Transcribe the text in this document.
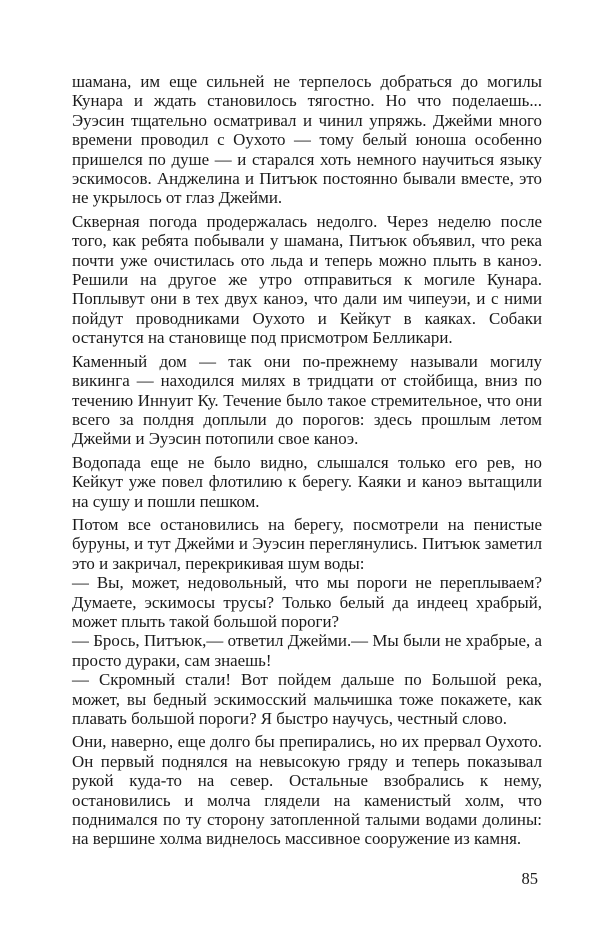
шамана, им еще сильней не терпелось добраться до могилы Кунара и ждать становилось тягостно. Но что поделаешь... Эуэсин тщательно осматривал и чинил упряжь. Джейми много времени проводил с Оухото — тому белый юноша особенно пришелся по душе — и старался хоть немного научиться языку эскимосов. Анджелина и Питъюк постоянно бывали вместе, это не укрылось от глаз Джейми.

Скверная погода продержалась недолго. Через неделю после того, как ребята побывали у шамана, Питъюк объявил, что река почти уже очистилась ото льда и теперь можно плыть в каноэ. Решили на другое же утро отправиться к могиле Кунара. Поплывут они в тех двух каноэ, что дали им чипеуэи, и с ними пойдут проводниками Оухото и Кейкут в каяках. Собаки останутся на становище под присмотром Белликари.

Каменный дом — так они по-прежнему называли могилу викинга — находился милях в тридцати от стойбища, вниз по течению Иннуит Ку. Течение было такое стремительное, что они всего за полдня доплыли до порогов: здесь прошлым летом Джейми и Эуэсин потопили свое каноэ.

Водопада еще не было видно, слышался только его рев, но Кейкут уже повел флотилию к берегу. Каяки и каноэ вытащили на сушу и пошли пешком.

Потом все остановились на берегу, посмотрели на пенистые буруны, и тут Джейми и Эуэсин переглянулись. Питъюк заметил это и закричал, перекрикивая шум воды:

— Вы, может, недовольный, что мы пороги не переплываем? Думаете, эскимосы трусы? Только белый да индеец храбрый, может плыть такой большой пороги?

— Брось, Питъюк,— ответил Джейми.— Мы были не храбрые, а просто дураки, сам знаешь!

— Скромный стали! Вот пойдем дальше по Большой река, может, вы бедный эскимосский мальчишка тоже покажете, как плавать большой пороги? Я быстро научусь, честный слово.

Они, наверно, еще долго бы препирались, но их прервал Оухото. Он первый поднялся на невысокую гряду и теперь показывал рукой куда-то на север. Остальные взобрались к нему, остановились и молча глядели на каменистый холм, что поднимался по ту сторону затопленной талыми водами долины: на вершине холма виднелось массивное сооружение из камня.

85
